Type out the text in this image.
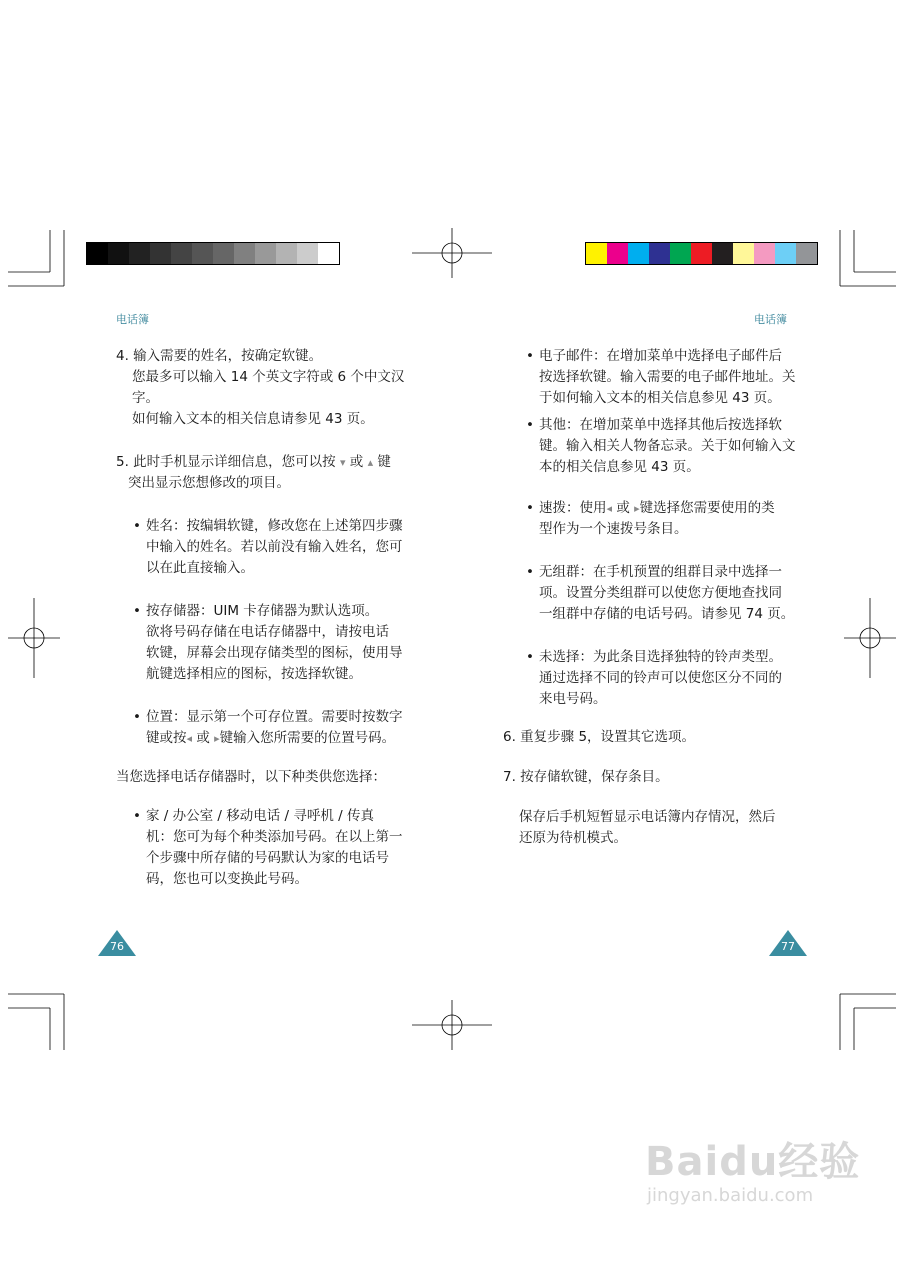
电话簿	电话簿

4. 输入需要的姓名，按确定软键。

您最多可以输入 14 个英文字符或 6 个中文汉字。

如何输入文本的相关信息请参见 43 页。

5. 此时手机显示详细信息，您可以按 ▾ 或 ▴ 键

突出显示您想修改的项目。

• 姓名：按编辑软键，修改您在上述第四步骤

中输入的姓名。若以前没有输入姓名，您可

以在此直接输入。

• 按存储器：UIM 卡存储器为默认选项。

欲将号码存储在电话存储器中，请按电话

软键，屏幕会出现存储类型的图标，使用导

航键选择相应的图标，按选择软键。

• 位置：显示第一个可存位置。需要时按数字

键或按◂ 或 ▸键输入您所需要的位置号码。

当您选择电话存储器时，以下种类供您选择：

• 家 / 办公室 / 移动电话 / 寻呼机 / 传真

机：您可为每个种类添加号码。在以上第一

个步骤中所存储的号码默认为家的电话号

码，您也可以变换此号码。

• 电子邮件：在增加菜单中选择电子邮件后

按选择软键。输入需要的电子邮件地址。关

于如何输入文本的相关信息参见 43 页。

• 其他：在增加菜单中选择其他后按选择软

键。输入相关人物备忘录。关于如何输入文

本的相关信息参见 43 页。

• 速拨：使用◂ 或 ▸键选择您需要使用的类

型作为一个速拨号条目。

• 无组群：在手机预置的组群目录中选择一

项。设置分类组群可以使您方便地查找同

一组群中存储的电话号码。请参见 74 页。

• 未选择：为此条目选择独特的铃声类型。

通过选择不同的铃声可以使您区分不同的

来电号码。

6. 重复步骤 5，设置其它选项。

7. 按存储软键，保存条目。

保存后手机短暂显示电话簿内存情况，然后

还原为待机模式。

76	77
Baidu经验
jingyan.baidu.com
